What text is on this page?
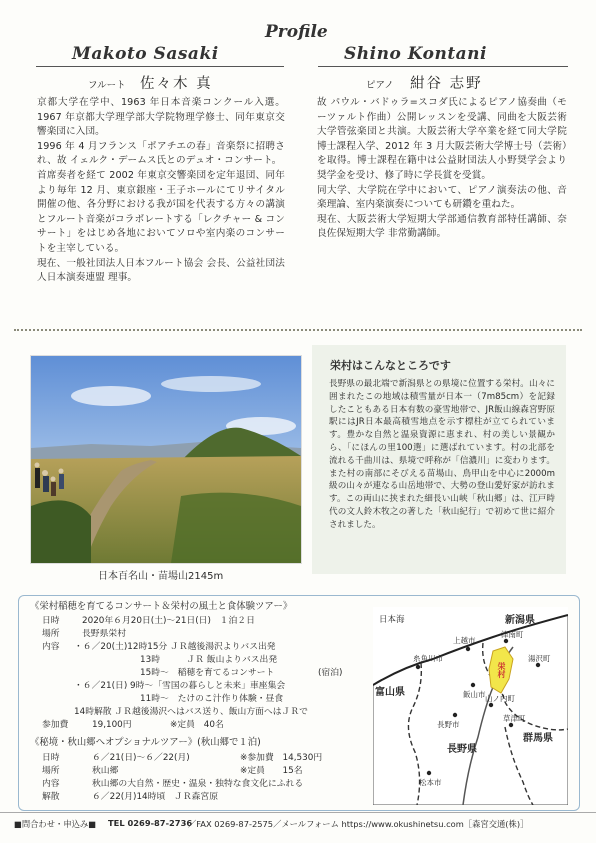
Profile
Makoto Sasaki
フルート 佐々木 真
Shino Kontani
ピアノ 紺谷 志野

京都大学在学中、1963 年日本音楽コンクール入選。1967 年京都大学理学部大学院物理学修士、同年東京交響楽団に入団。

1996 年 4 月フランス「ポアチエの春」音楽祭に招聘され、故 イェルク・デームス氏とのデュオ・コンサート。

首席奏者を経て 2002 年東京交響楽団を定年退団、同年より毎年 12 月、東京銀座・王子ホールにてリサイタル開催の他、各分野における我が国を代表する方々の講演とフルート音楽がコラボレートする「レクチャー & コンサート」をはじめ各地においてソロや室内楽のコンサートを主宰している。

現在、一般社団法人日本フルート協会 会長、公益社団法人日本演奏連盟 理事。

故 パウル・バドゥラ=スコダ氏によるピアノ協奏曲（モーツァルト作曲）公開レッスンを受講、同曲を大阪芸術大学管弦楽団と共演。大阪芸術大学卒業を経て同大学院博士課程入学、2012 年 3 月大阪芸術大学博士号（芸術）を取得。博士課程在籍中は公益財団法人小野奨学会より奨学金を受け、修了時に学長賞を受賞。

同大学、大学院在学中において、ピアノ演奏法の他、音楽理論、室内楽演奏についても研鑽を重ねた。

現在、大阪芸術大学短期大学部通信教育部特任講師、奈良佐保短期大学 非常勤講師。

日本百名山・苗場山2145m
栄村はこんなところです
長野県の最北端で新潟県との県境に位置する栄村。山々に囲まれたこの地域は積雪量が日本一（7m85cm）を記録したこともある日本有数の豪雪地帯で、JR飯山線森宮野原駅にはJR日本最高積雪地点を示す標柱が立てられています。豊かな自然と温泉資源に恵まれ、村の美しい景観から、「にほんの里100選」に選ばれています。村の北部を流れる千曲川は、県境で呼称が「信濃川」に変わります。また村の南部にそびえる苗場山、鳥甲山を中心に2000m級の山々が連なる山岳地帯で、大勢の登山愛好家が訪れます。この両山に挟まれた細長い山峡「秋山郷」は、江戸時代の文人鈴木牧之の著した「秋山紀行」で初めて世に紹介されました。
《栄村稲穂を育てるコンサート＆栄村の風土と食体験ツアー》
日時	2020年６月20日(土)〜21日(日)　１泊２日
場所	長野県栄村
内容 ・６／20(土)12時15分 ＪＲ越後湯沢よりバス出発
13時　　　ＪＲ 飯山よりバス出発
15時〜　稲穂を育てるコンサート	(宿泊)
・６／21(日) 9時〜「雪国の暮らしと未来」車座集会
11時〜　たけのこ汁作り体験・昼食
14時解散 ＪＲ越後湯沢へはバス送り、飯山方面へはＪＲで
参加費	19,100円	※定員　40名
《秘境・秋山郷へオプショナルツアー》(秋山郷で１泊)
日時	６／21(日)〜６／22(月)	※参加費　14,530円
場所	秋山郷	※定員　　15名
内容	秋山郷の大自然・歴史・温泉・独特な食文化にふれる
解散	６／22(月)14時頃　ＪＲ森宮原
日本海	新潟県
富山県
長野県
群馬県
栄村
上越市
津南町
糸魚川市	湯沢町
飯山市 山ノ内町
長野市
草津町
松本市
■問合わせ・申込み■ TEL 0269-87-2736
／FAX 0269-87-2575／メールフォーム https://www.okushinetsu.com［森宮交通(株)］
